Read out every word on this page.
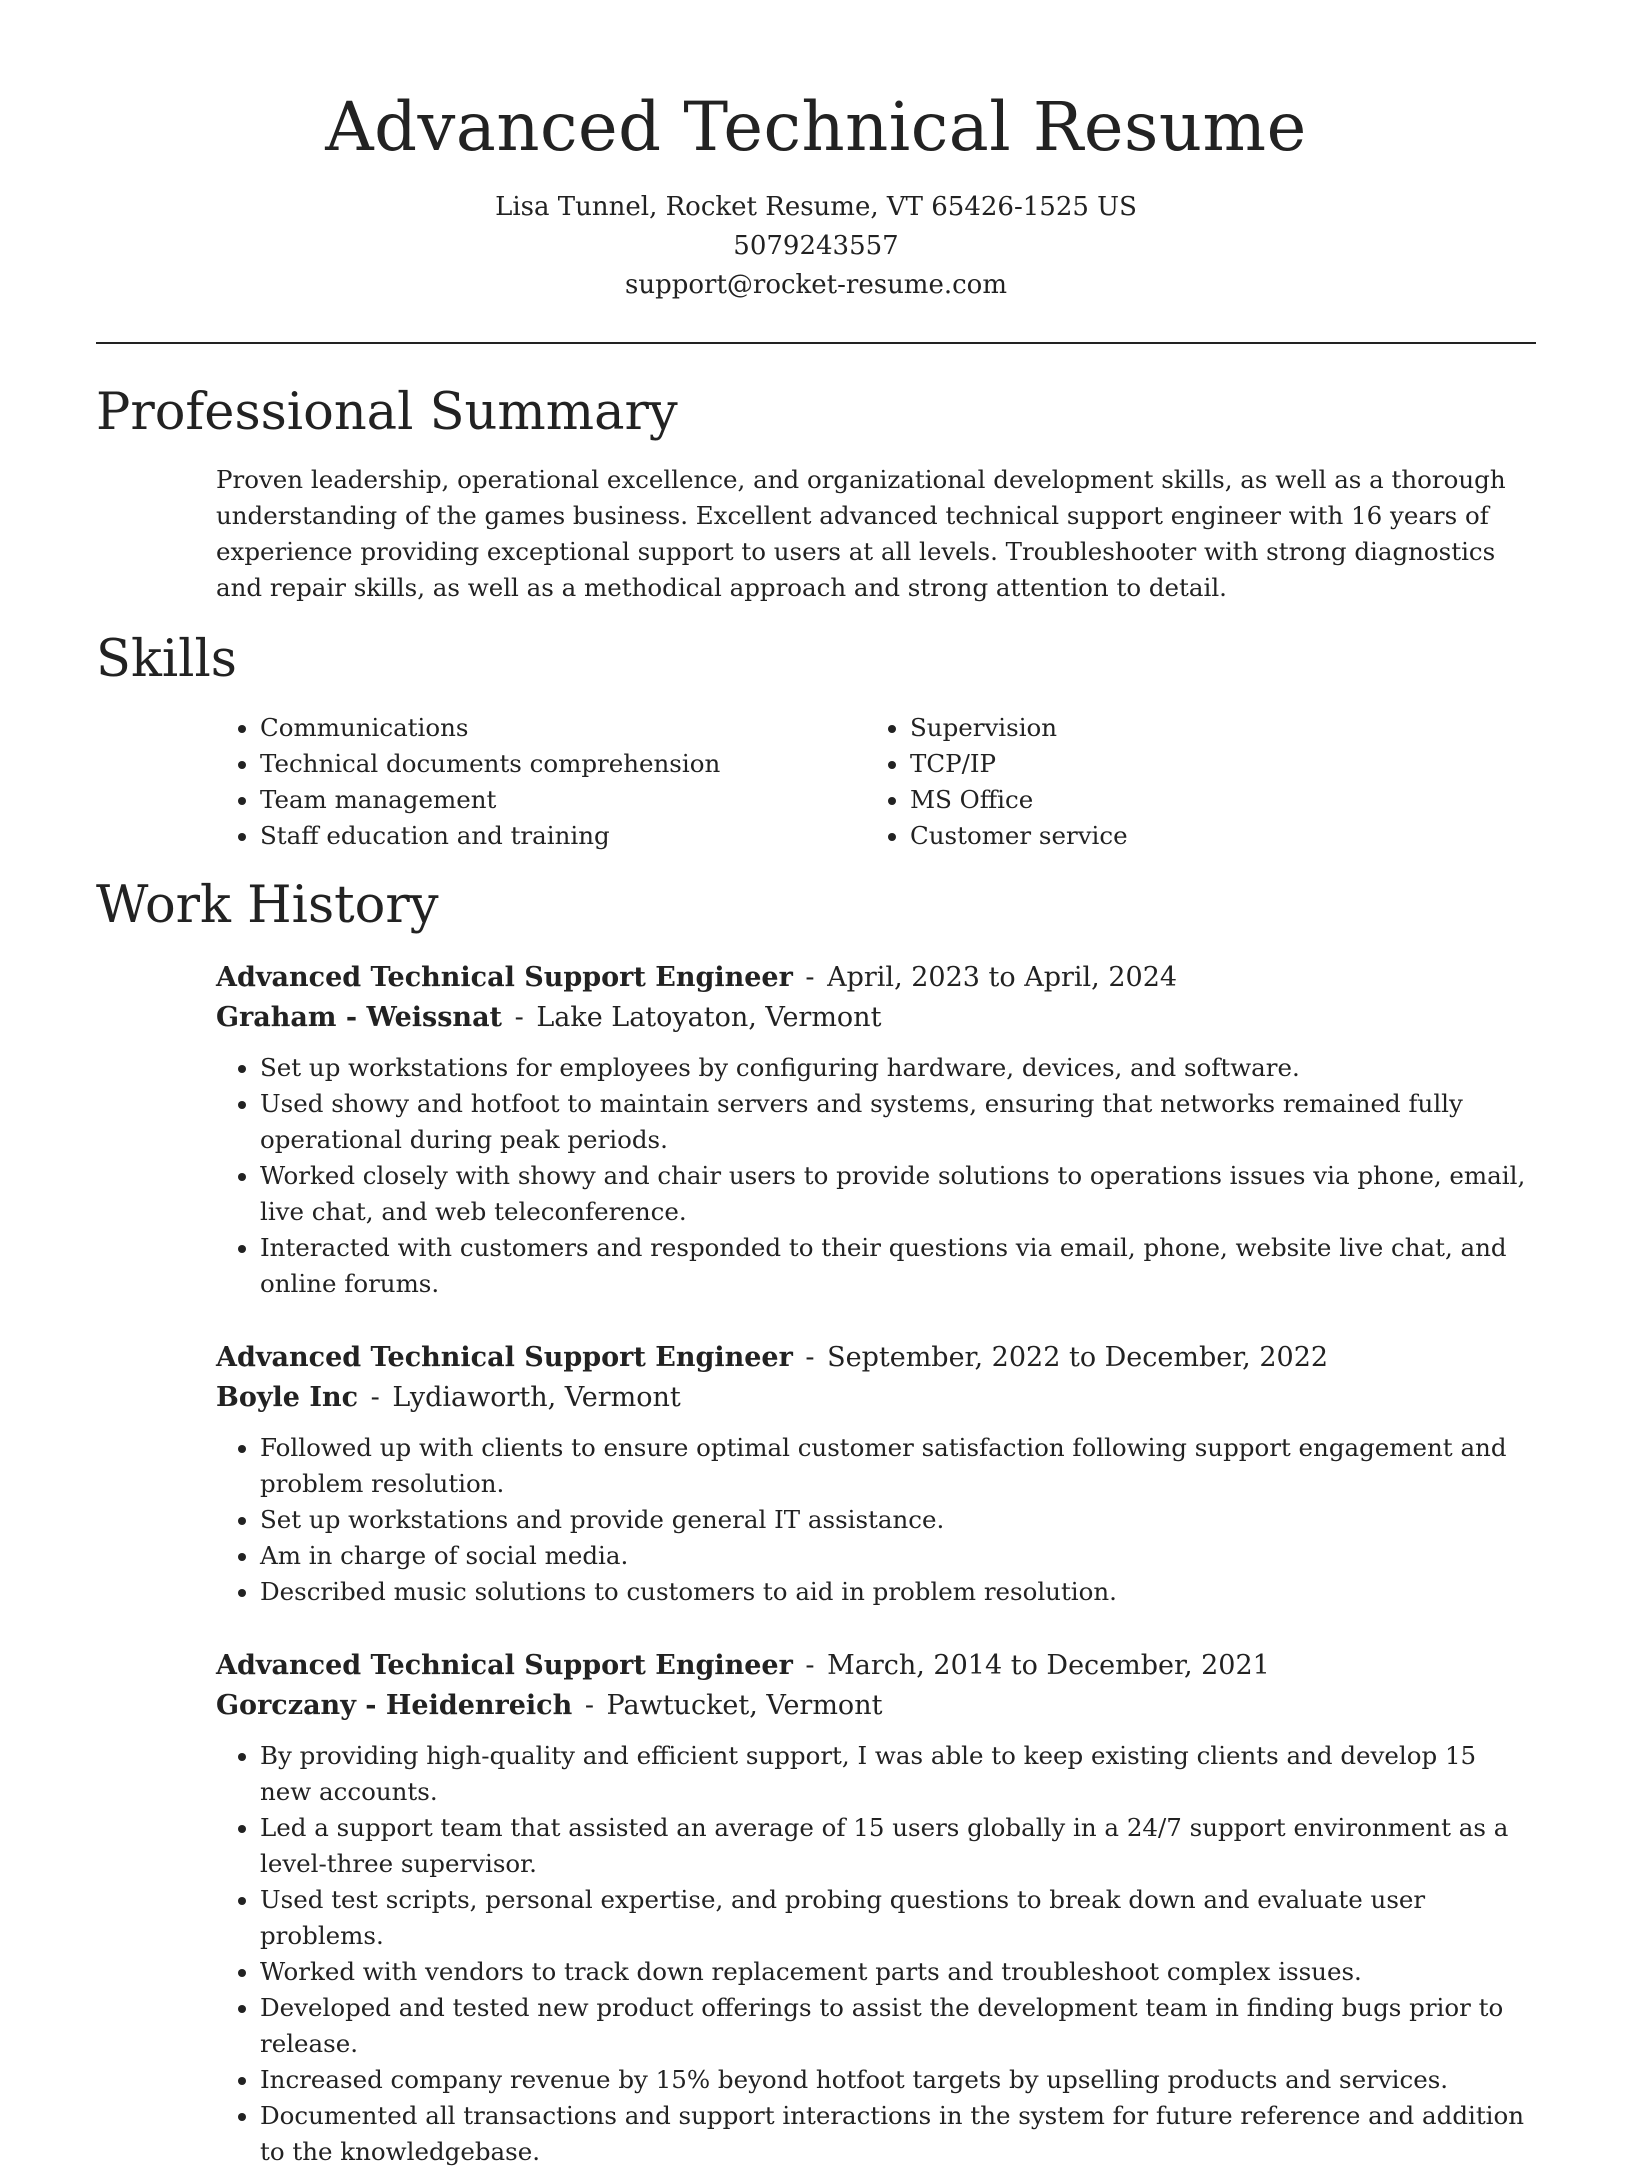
Advanced Technical Resume

Lisa Tunnel, Rocket Resume, VT 65426-1525 US

5079243557

support@rocket-resume.com

Professional Summary

Proven leadership, operational excellence, and organizational development skills, as well as a thorough understanding of the games business. Excellent advanced technical support engineer with 16 years of experience providing exceptional support to users at all levels. Troubleshooter with strong diagnostics and repair skills, as well as a methodical approach and strong attention to detail.

Skills
• Communications
• Technical documents comprehension
• Team management
• Staff education and training
• Supervision
• TCP/IP
• MS Office
• Customer service
Work History

Advanced Technical Support Engineer - April, 2023 to April, 2024

Graham - Weissnat - Lake Latoyaton, Vermont

• Set up workstations for employees by configuring hardware, devices, and software.
• Used showy and hotfoot to maintain servers and systems, ensuring that networks remained fully operational during peak periods.
• Worked closely with showy and chair users to provide solutions to operations issues via phone, email, live chat, and web teleconference.
• Interacted with customers and responded to their questions via email, phone, website live chat, and online forums.

Advanced Technical Support Engineer - September, 2022 to December, 2022

Boyle Inc - Lydiaworth, Vermont

• Followed up with clients to ensure optimal customer satisfaction following support engagement and problem resolution.
• Set up workstations and provide general IT assistance.
• Am in charge of social media.
• Described music solutions to customers to aid in problem resolution.

Advanced Technical Support Engineer - March, 2014 to December, 2021

Gorczany - Heidenreich - Pawtucket, Vermont

• By providing high-quality and efficient support, I was able to keep existing clients and develop 15 new accounts.
• Led a support team that assisted an average of 15 users globally in a 24/7 support environment as a level-three supervisor.
• Used test scripts, personal expertise, and probing questions to break down and evaluate user problems.
• Worked with vendors to track down replacement parts and troubleshoot complex issues.
• Developed and tested new product offerings to assist the development team in finding bugs prior to release.
• Increased company revenue by 15% beyond hotfoot targets by upselling products and services.
• Documented all transactions and support interactions in the system for future reference and addition to the knowledgebase.
